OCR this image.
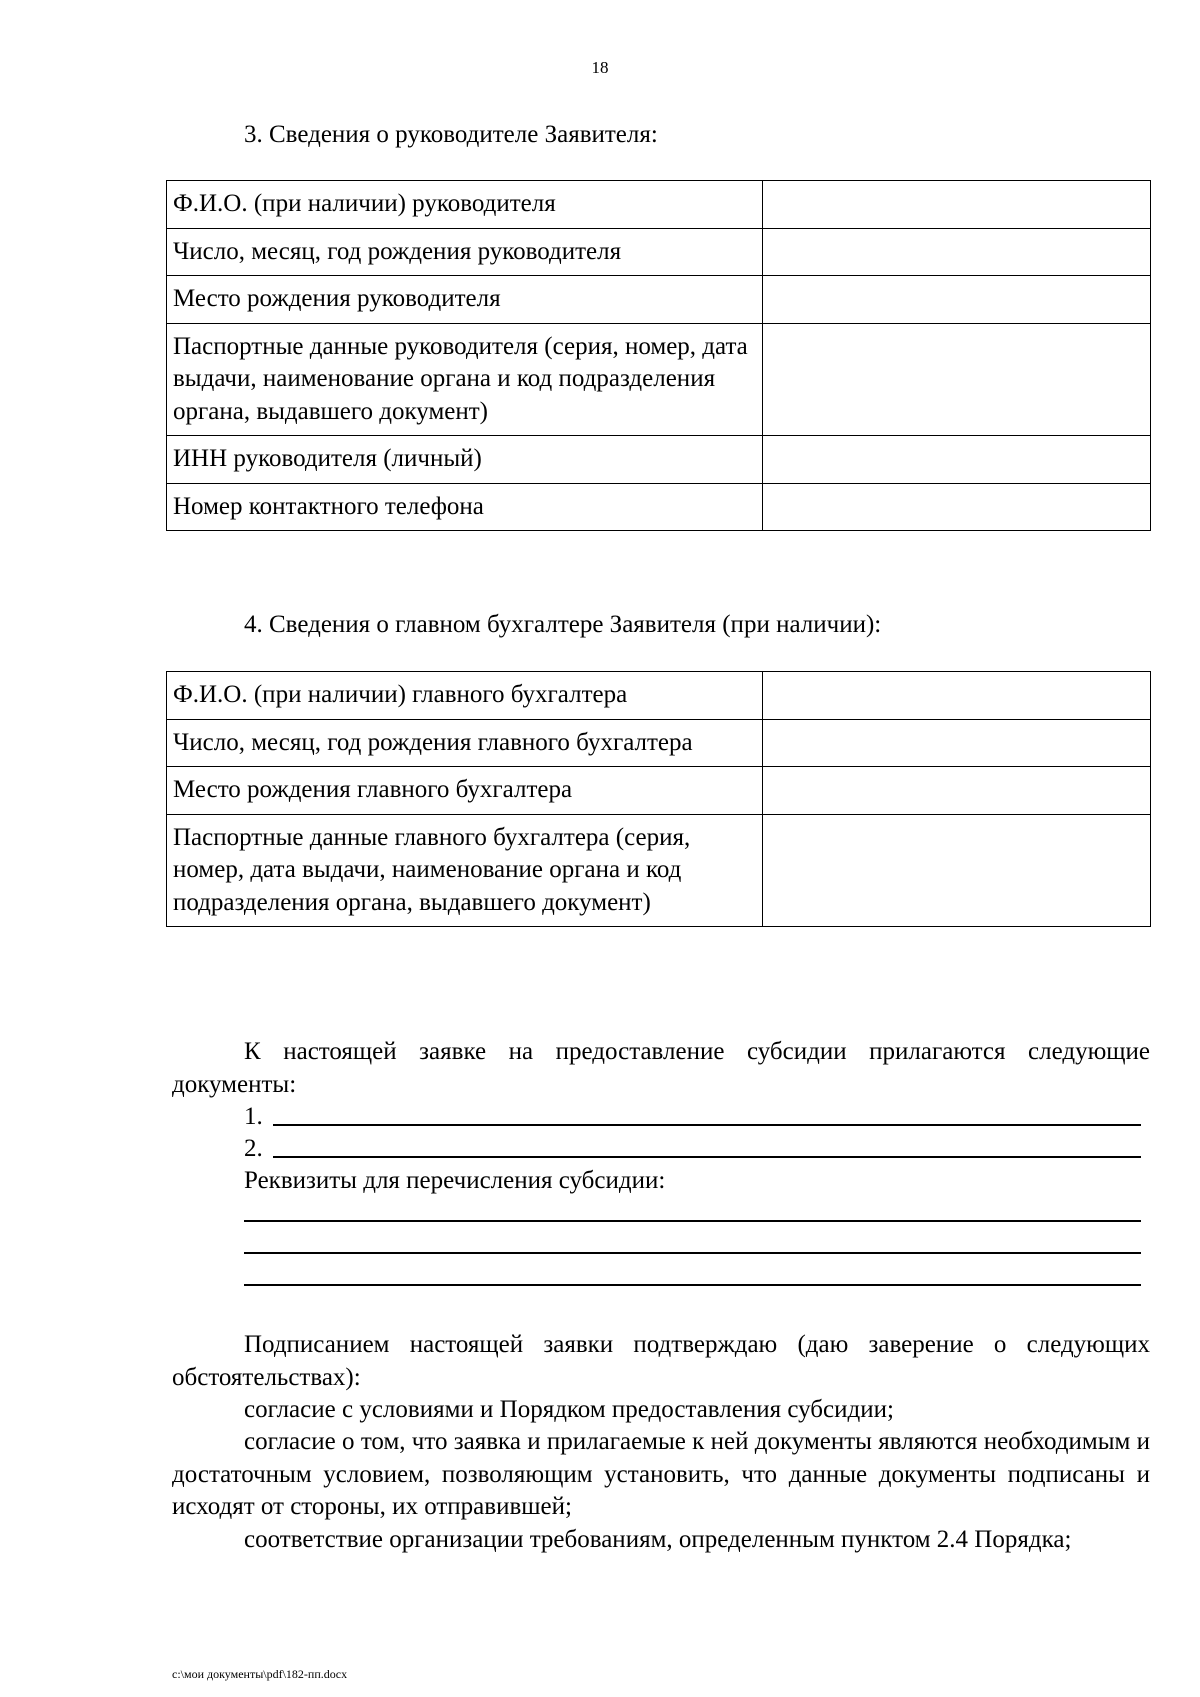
18
3. Сведения о руководителе Заявителя:
Ф.И.О. (при наличии) руководителя	
Число, месяц, год рождения руководителя	
Место рождения руководителя	
Паспортные данные руководителя (серия, номер, дата выдачи, наименование органа и код подразделения органа, выдавшего документ)	
ИНН руководителя (личный)	
Номер контактного телефона	
4. Сведения о главном бухгалтере Заявителя (при наличии):
Ф.И.О. (при наличии) главного бухгалтера	
Число, месяц, год рождения главного бухгалтера	
Место рождения главного бухгалтера	
Паспортные данные главного бухгалтера (серия, номер, дата выдачи, наименование органа и код подразделения органа, выдавшего документ)	
К настоящей заявке на предоставление субсидии прилагаются следующие документы:
1.
2.
Реквизиты для перечисления субсидии:
Подписанием настоящей заявки подтверждаю (даю заверение о следующих обстоятельствах):
согласие с условиями и Порядком предоставления субсидии;
согласие о том, что заявка и прилагаемые к ней документы являются необходимым и достаточным условием, позволяющим установить, что данные документы подписаны и исходят от стороны, их отправившей;
соответствие организации требованиям, определенным пунктом 2.4 Порядка;
c:\мои документы\pdf\182-пп.docx
